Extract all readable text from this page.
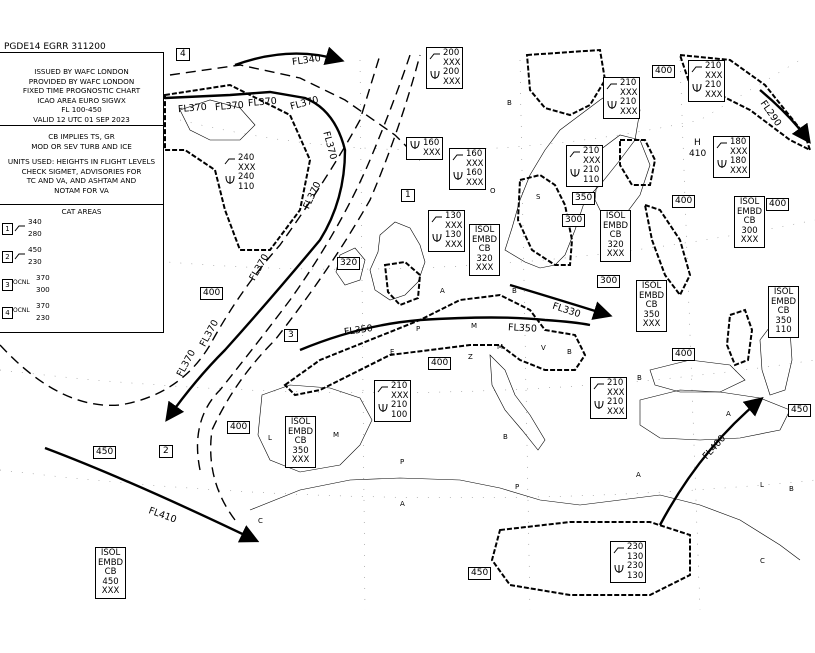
PGDE14 EGRR 311200
ISSUED BY WAFC LONDON
PROVIDED BY WAFC LONDON
FIXED TIME PROGNOSTIC CHART
ICAO AREA EURO SIGWX
FL 100-450
VALID 12 UTC 01 SEP 2023
CB IMPLIES TS, GR
MOD OR SEV TURB AND ICE
UNITS USED: HEIGHTS IN FLIGHT LEVELS
CHECK SIGMET, ADVISORIES FOR
TC AND VA, AND ASHTAM AND
NOTAM FOR VA
CAT AREAS
1
340
280
2
450
230
3 OCNL
370
300
4 OCNL
370
230
FL340
FL370 FL370 FL370 FL370
FL370
FL370
FL370
FL370
FL370
FL350	FL350
FL330
FL290
FL410
FL400
400
400	400
400
400
400
450
450
450
300
300
350
320
400
H
410
4
1
3
2
200
XXX
200
XXX
160
XXX	160
XXX
160
XXX
210
XXX
210
XXX
210
XXX
210
XXX
180
XXX
180
XXX
210
XXX
210
110
240
XXX
240
110
130
XXX
130
XXX
ISOL
EMBD
CB
320
XXX
ISOL
EMBD
CB
320
XXX
ISOL
EMBD
CB
350
XXX
ISOL
EMBD
CB
300
XXX
ISOL
EMBD
CB
350
110
210
XXX
210
100
210
XXX
210
XXX
ISOL
EMBD
CB
350
XXX
ISOL
EMBD
CB
450
XXX
230
130
230
130
B
A	B
O
S
V
Z
M
B
M
P
P
A
A
C
B
L
P
L
B
M
A
C
B
E
